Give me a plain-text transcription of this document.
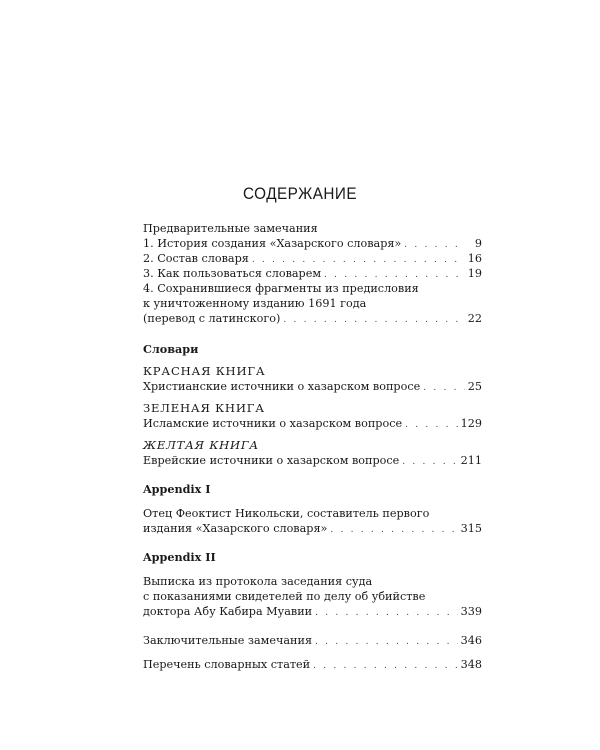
СОДЕРЖАНИЕ
Предварительные замечания
1. История создания «Хазарского словаря» . . .	9
2. Состав словаря . . .	16
3. Как пользоваться словарем . . .	19
4. Сохранившиеся фрагменты из предисловия
к уничтоженному изданию 1691 года
(перевод с латинского) . . .	22
Словари
КРАСНАЯ КНИГА
Христианские источники о хазарском вопросе . . .	25
ЗЕЛЕНАЯ КНИГА
Исламские источники о хазарском вопросе . . .	129
ЖЕЛТАЯ КНИГА
Еврейские источники о хазарском вопросе . . .	211
Appendix I
Отец Феоктист Никольски, составитель первого
издания «Хазарского словаря» . . .	315
Appendix II
Выписка из протокола заседания суда
с показаниями свидетелей по делу об убийстве
доктора Абу Кабира Муавии . . .	339
Заключительные замечания . . .	346
Перечень словарных статей . . .	348
